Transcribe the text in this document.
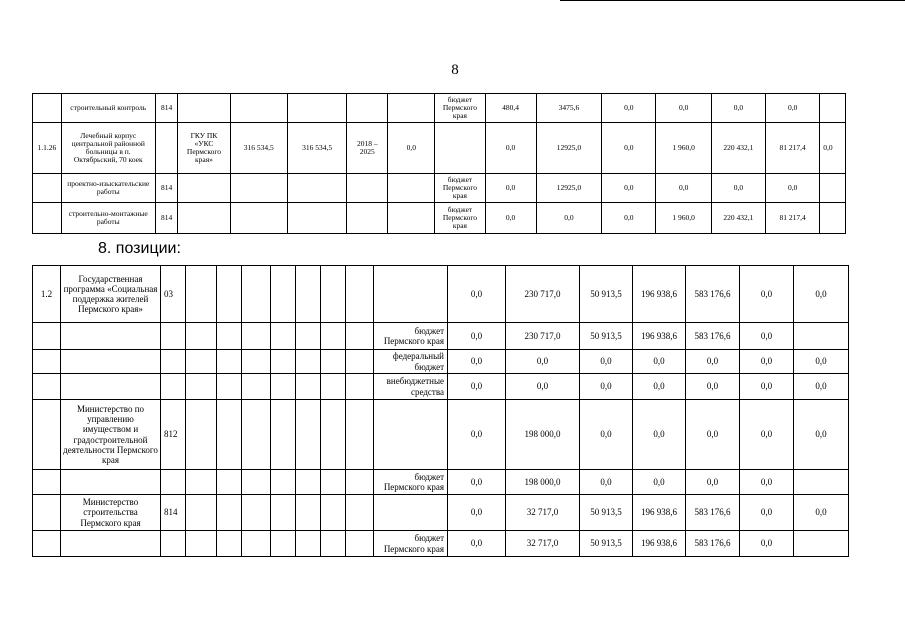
8
	строительный контроль	814						бюджет Пермского края	480,4	3475,6	0,0	0,0	0,0	0,0	
1.1.26	Лечебный корпус центральной районной больницы в п. Октябрьский, 70 коек		ГКУ ПК «УКС Пермского края»	316 534,5	316 534,5	2018 – 2025	0,0		0,0	12925,0	0,0	1 960,0	220 432,1	81 217,4	0,0
	проектно-изыскательские работы	814						бюджет Пермского края	0,0	12925,0	0,0	0,0	0,0	0,0	
	строительно-монтажные работы	814						бюджет Пермского края	0,0	0,0	0,0	1 960,0	220 432,1	81 217,4	
8. позиции:
1.2	Государственная программа «Социальная поддержка жителей Пермского края»	03									0,0	230 717,0	50 913,5	196 938,6	583 176,6	0,0	0,0
										бюджет Пермского края	0,0	230 717,0	50 913,5	196 938,6	583 176,6	0,0	
										федеральный бюджет	0,0	0,0	0,0	0,0	0,0	0,0	0,0
										внебюджетные средства	0,0	0,0	0,0	0,0	0,0	0,0	0,0
	Министерство по управлению имуществом и градостроительной деятельности Пермского края	812									0,0	198 000,0	0,0	0,0	0,0	0,0	0,0
										бюджет Пермского края	0,0	198 000,0	0,0	0,0	0,0	0,0	
	Министерство строительства Пермского края	814									0,0	32 717,0	50 913,5	196 938,6	583 176,6	0,0	0,0
										бюджет Пермского края	0,0	32 717,0	50 913,5	196 938,6	583 176,6	0,0	
